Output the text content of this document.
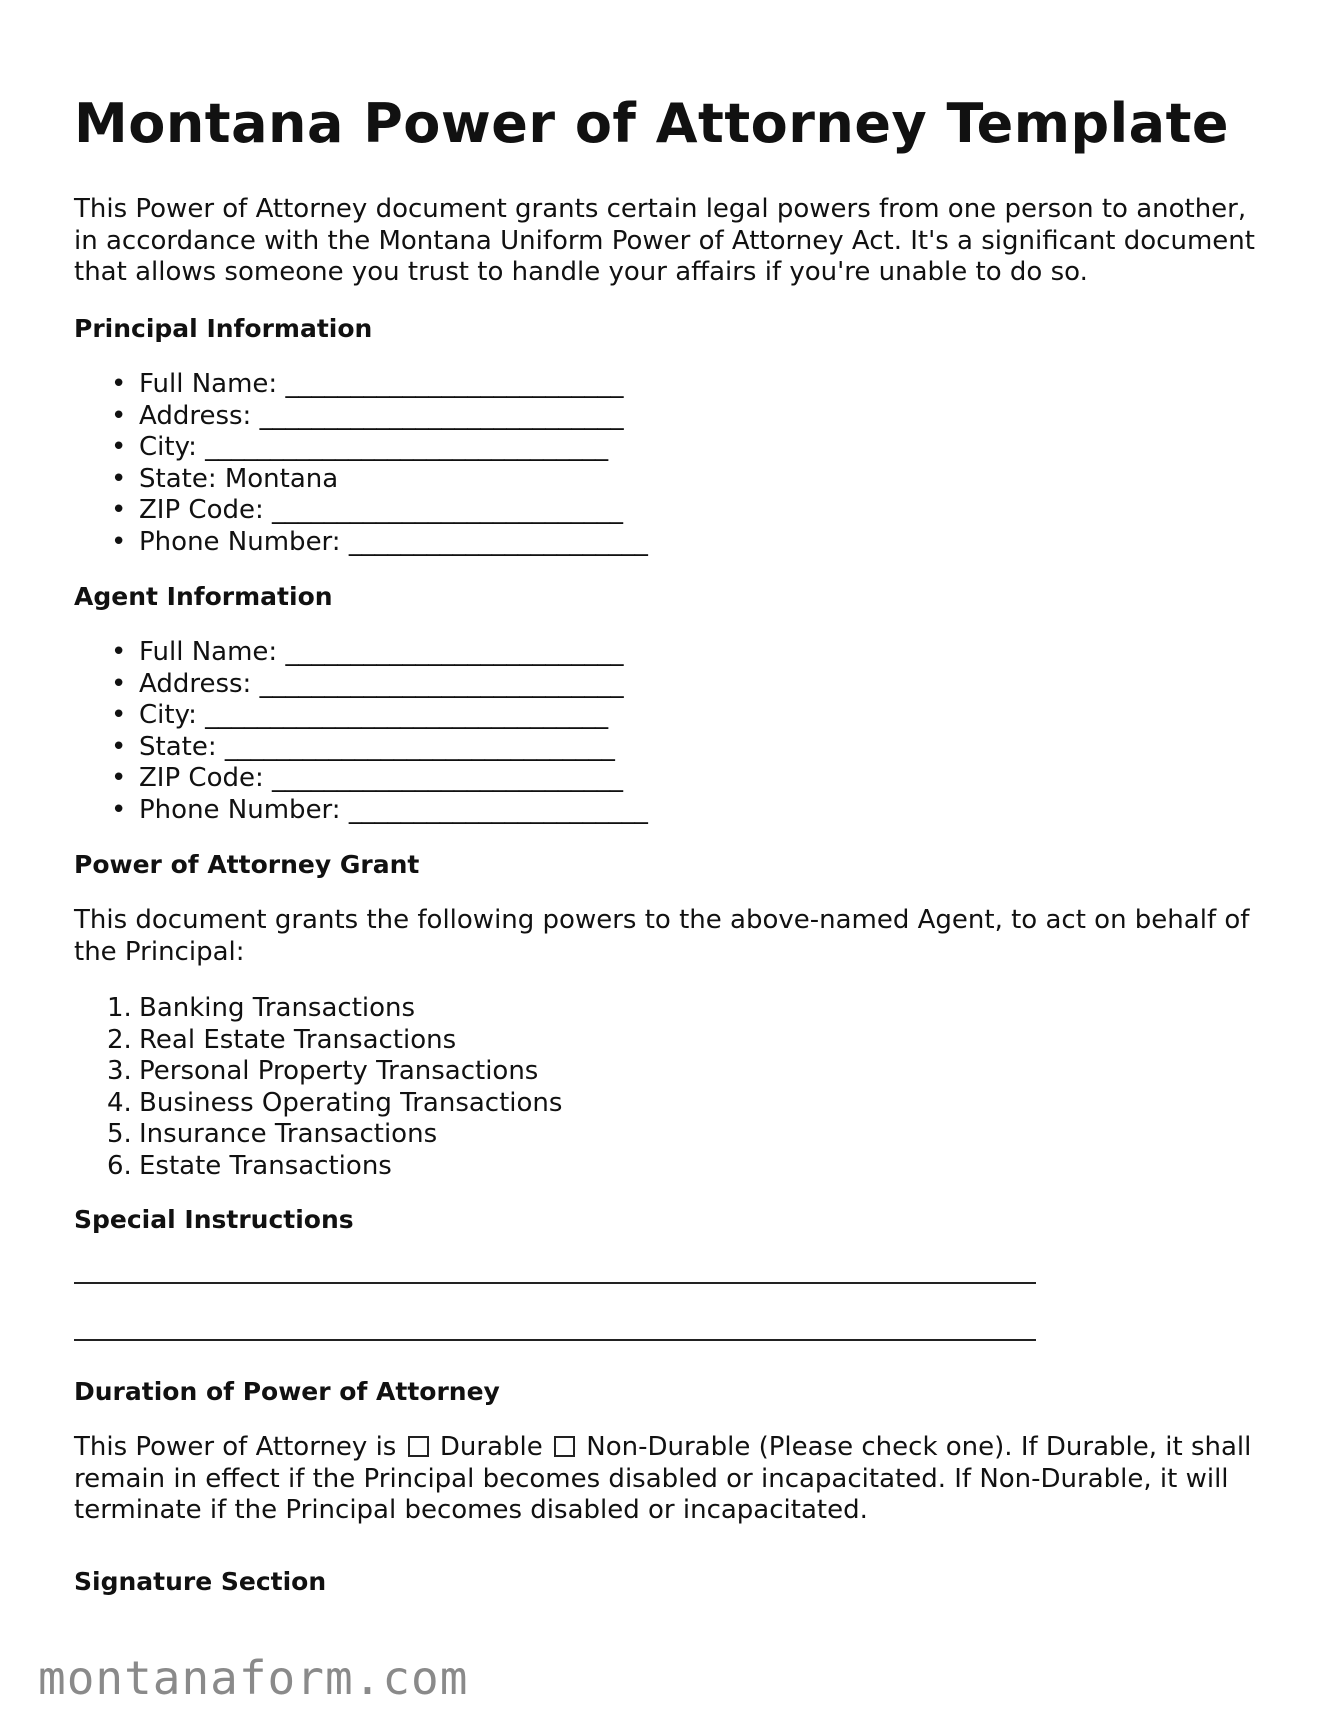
Montana Power of Attorney Template

This Power of Attorney document grants certain legal powers from one person to another, in accordance with the Montana Uniform Power of Attorney Act. It's a significant document that allows someone you trust to handle your affairs if you're unable to do so.

Principal Information
• Full Name: __________________________
• Address: ____________________________
• City: _______________________________
• State: Montana
• ZIP Code: ___________________________
• Phone Number: _______________________
Agent Information
• Full Name: __________________________
• Address: ____________________________
• City: _______________________________
• State: ______________________________
• ZIP Code: ___________________________
• Phone Number: _______________________
Power of Attorney Grant

This document grants the following powers to the above-named Agent, to act on behalf of the Principal:

1. Banking Transactions
2. Real Estate Transactions
3. Personal Property Transactions
4. Business Operating Transactions
5. Insurance Transactions
6. Estate Transactions
Special Instructions
Duration of Power of Attorney

This Power of Attorney is Durable Non-Durable (Please check one). If Durable, it shall remain in effect if the Principal becomes disabled or incapacitated. If Non-Durable, it will terminate if the Principal becomes disabled or incapacitated.

Signature Section
montanaform.com
